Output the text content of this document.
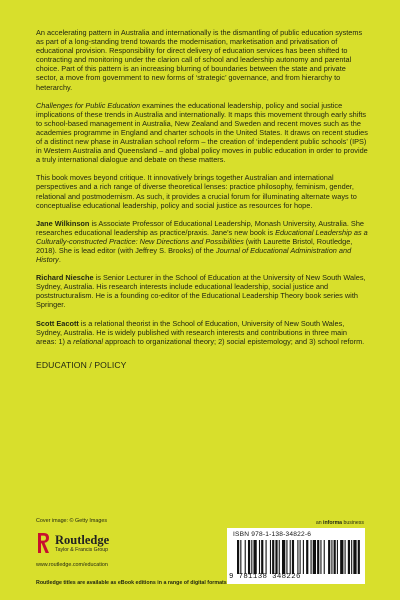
An accelerating pattern in Australia and internationally is the dismantling of public education systems as part of a long-standing trend towards the modernisation, marketisation and privatisation of educational provision. Responsibility for direct delivery of education services has been shifted to contracting and monitoring under the clarion call of school and leadership autonomy and parental choice. Part of this pattern is an increasing blurring of boundaries between the state and private sector, a move from government to new forms of ‘strategic’ governance, and from hierarchy to heterarchy.

Challenges for Public Education examines the educational leadership, policy and social justice implications of these trends in Australia and internationally. It maps this movement through early shifts to school-based management in Australia, New Zealand and Sweden and recent moves such as the academies programme in England and charter schools in the United States. It draws on recent studies of a distinct new phase in Australian school reform – the creation of ‘independent public schools’ (IPS) in Western Australia and Queensland – and global policy moves in public education in order to provide a truly international dialogue and debate on these matters.

This book moves beyond critique. It innovatively brings together Australian and international perspectives and a rich range of diverse theoretical lenses: practice philosophy, feminism, gender, relational and postmodernism. As such, it provides a crucial forum for illuminating alternate ways to conceptualise educational leadership, policy and social justice as resources for hope.

Jane Wilkinson is Associate Professor of Educational Leadership, Monash University, Australia. She researches educational leadership as practice/praxis. Jane’s new book is Educational Leadership as a Culturally-constructed Practice: New Directions and Possibilities (with Laurette Bristol, Routledge, 2018). She is lead editor (with Jeffrey S. Brooks) of the Journal of Educational Administration and History.

Richard Niesche is Senior Lecturer in the School of Education at the University of New South Wales, Sydney, Australia. His research interests include educational leadership, social justice and poststructuralism. He is a founding co-editor of the Educational Leadership Theory book series with Springer.

Scott Eacott is a relational theorist in the School of Education, University of New South Wales, Sydney, Australia. He is widely published with research interests and contributions in three main areas: 1) a relational approach to organizational theory; 2) social epistemology; and 3) school reform.

EDUCATION / POLICY
Cover image: © Getty Images	an informa business
Routledge
Taylor & Francis Group
www.routledge.com/education
Routledge titles are available as eBook editions in a range of digital formats
ISBN 978-1-138-34822-6
9 781138 348226
